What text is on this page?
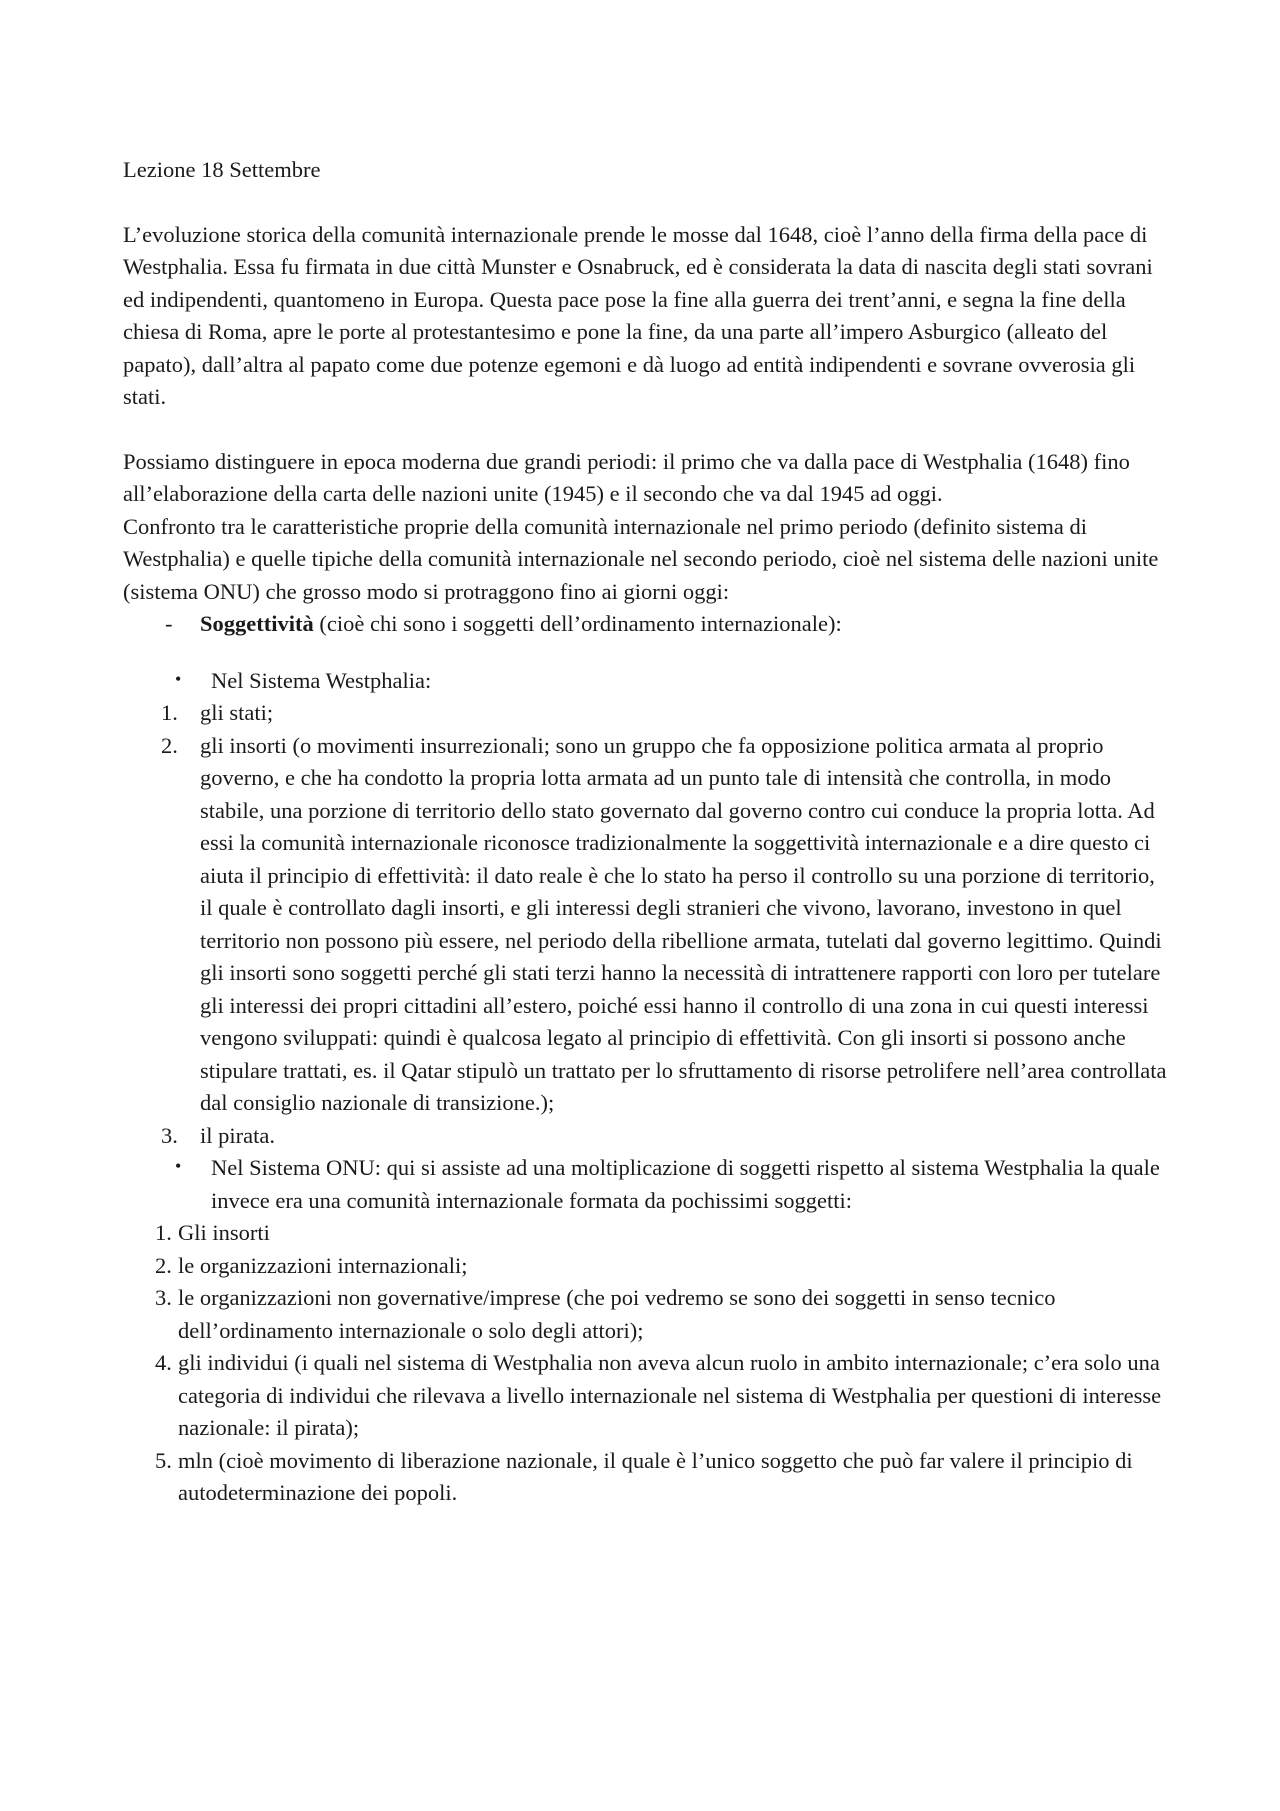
Lezione 18 Settembre

L’evoluzione storica della comunità internazionale prende le mosse dal 1648, cioè l’anno della firma della pace di Westphalia. Essa fu firmata in due città Munster e Osnabruck, ed è considerata la data di nascita degli stati sovrani ed indipendenti, quantomeno in Europa. Questa pace pose la fine alla guerra dei trent’anni, e segna la fine della chiesa di Roma, apre le porte al protestantesimo e pone la fine, da una parte all’impero Asburgico (alleato del papato), dall’altra al papato come due potenze egemoni e dà luogo ad entità indipendenti e sovrane ovverosia gli stati.

Possiamo distinguere in epoca moderna due grandi periodi: il primo che va dalla pace di Westphalia (1648) fino all’elaborazione della carta delle nazioni unite (1945) e il secondo che va dal 1945 ad oggi.

Confronto tra le caratteristiche proprie della comunità internazionale nel primo periodo (definito sistema di Westphalia) e quelle tipiche della comunità internazionale nel secondo periodo, cioè nel sistema delle nazioni unite (sistema ONU) che grosso modo si protraggono fino ai giorni oggi:

- Soggettività (cioè chi sono i soggetti dell’ordinamento internazionale):
• Nel Sistema Westphalia:
1. gli stati;
2. gli insorti (o movimenti insurrezionali; sono un gruppo che fa opposizione politica armata al proprio governo, e che ha condotto la propria lotta armata ad un punto tale di intensità che controlla, in modo stabile, una porzione di territorio dello stato governato dal governo contro cui conduce la propria lotta. Ad essi la comunità internazionale riconosce tradizionalmente la soggettività internazionale e a dire questo ci aiuta il principio di effettività: il dato reale è che lo stato ha perso il controllo su una porzione di territorio, il quale è controllato dagli insorti, e gli interessi degli stranieri che vivono, lavorano, investono in quel territorio non possono più essere, nel periodo della ribellione armata, tutelati dal governo legittimo. Quindi gli insorti sono soggetti perché gli stati terzi hanno la necessità di intrattenere rapporti con loro per tutelare gli interessi dei propri cittadini all’estero, poiché essi hanno il controllo di una zona in cui questi interessi vengono sviluppati: quindi è qualcosa legato al principio di effettività. Con gli insorti si possono anche stipulare trattati, es. il Qatar stipulò un trattato per lo sfruttamento di risorse petrolifere nell’area controllata dal consiglio nazionale di transizione.);
3. il pirata.
• Nel Sistema ONU: qui si assiste ad una moltiplicazione di soggetti rispetto al sistema Westphalia la quale invece era una comunità internazionale formata da pochissimi soggetti:
1. Gli insorti
2. le organizzazioni internazionali;
3. le organizzazioni non governative/imprese (che poi vedremo se sono dei soggetti in senso tecnico dell’ordinamento internazionale o solo degli attori);
4. gli individui (i quali nel sistema di Westphalia non aveva alcun ruolo in ambito internazionale; c’era solo una categoria di individui che rilevava a livello internazionale nel sistema di Westphalia per questioni di interesse nazionale: il pirata);
5. mln (cioè movimento di liberazione nazionale, il quale è l’unico soggetto che può far valere il principio di autodeterminazione dei popoli.
